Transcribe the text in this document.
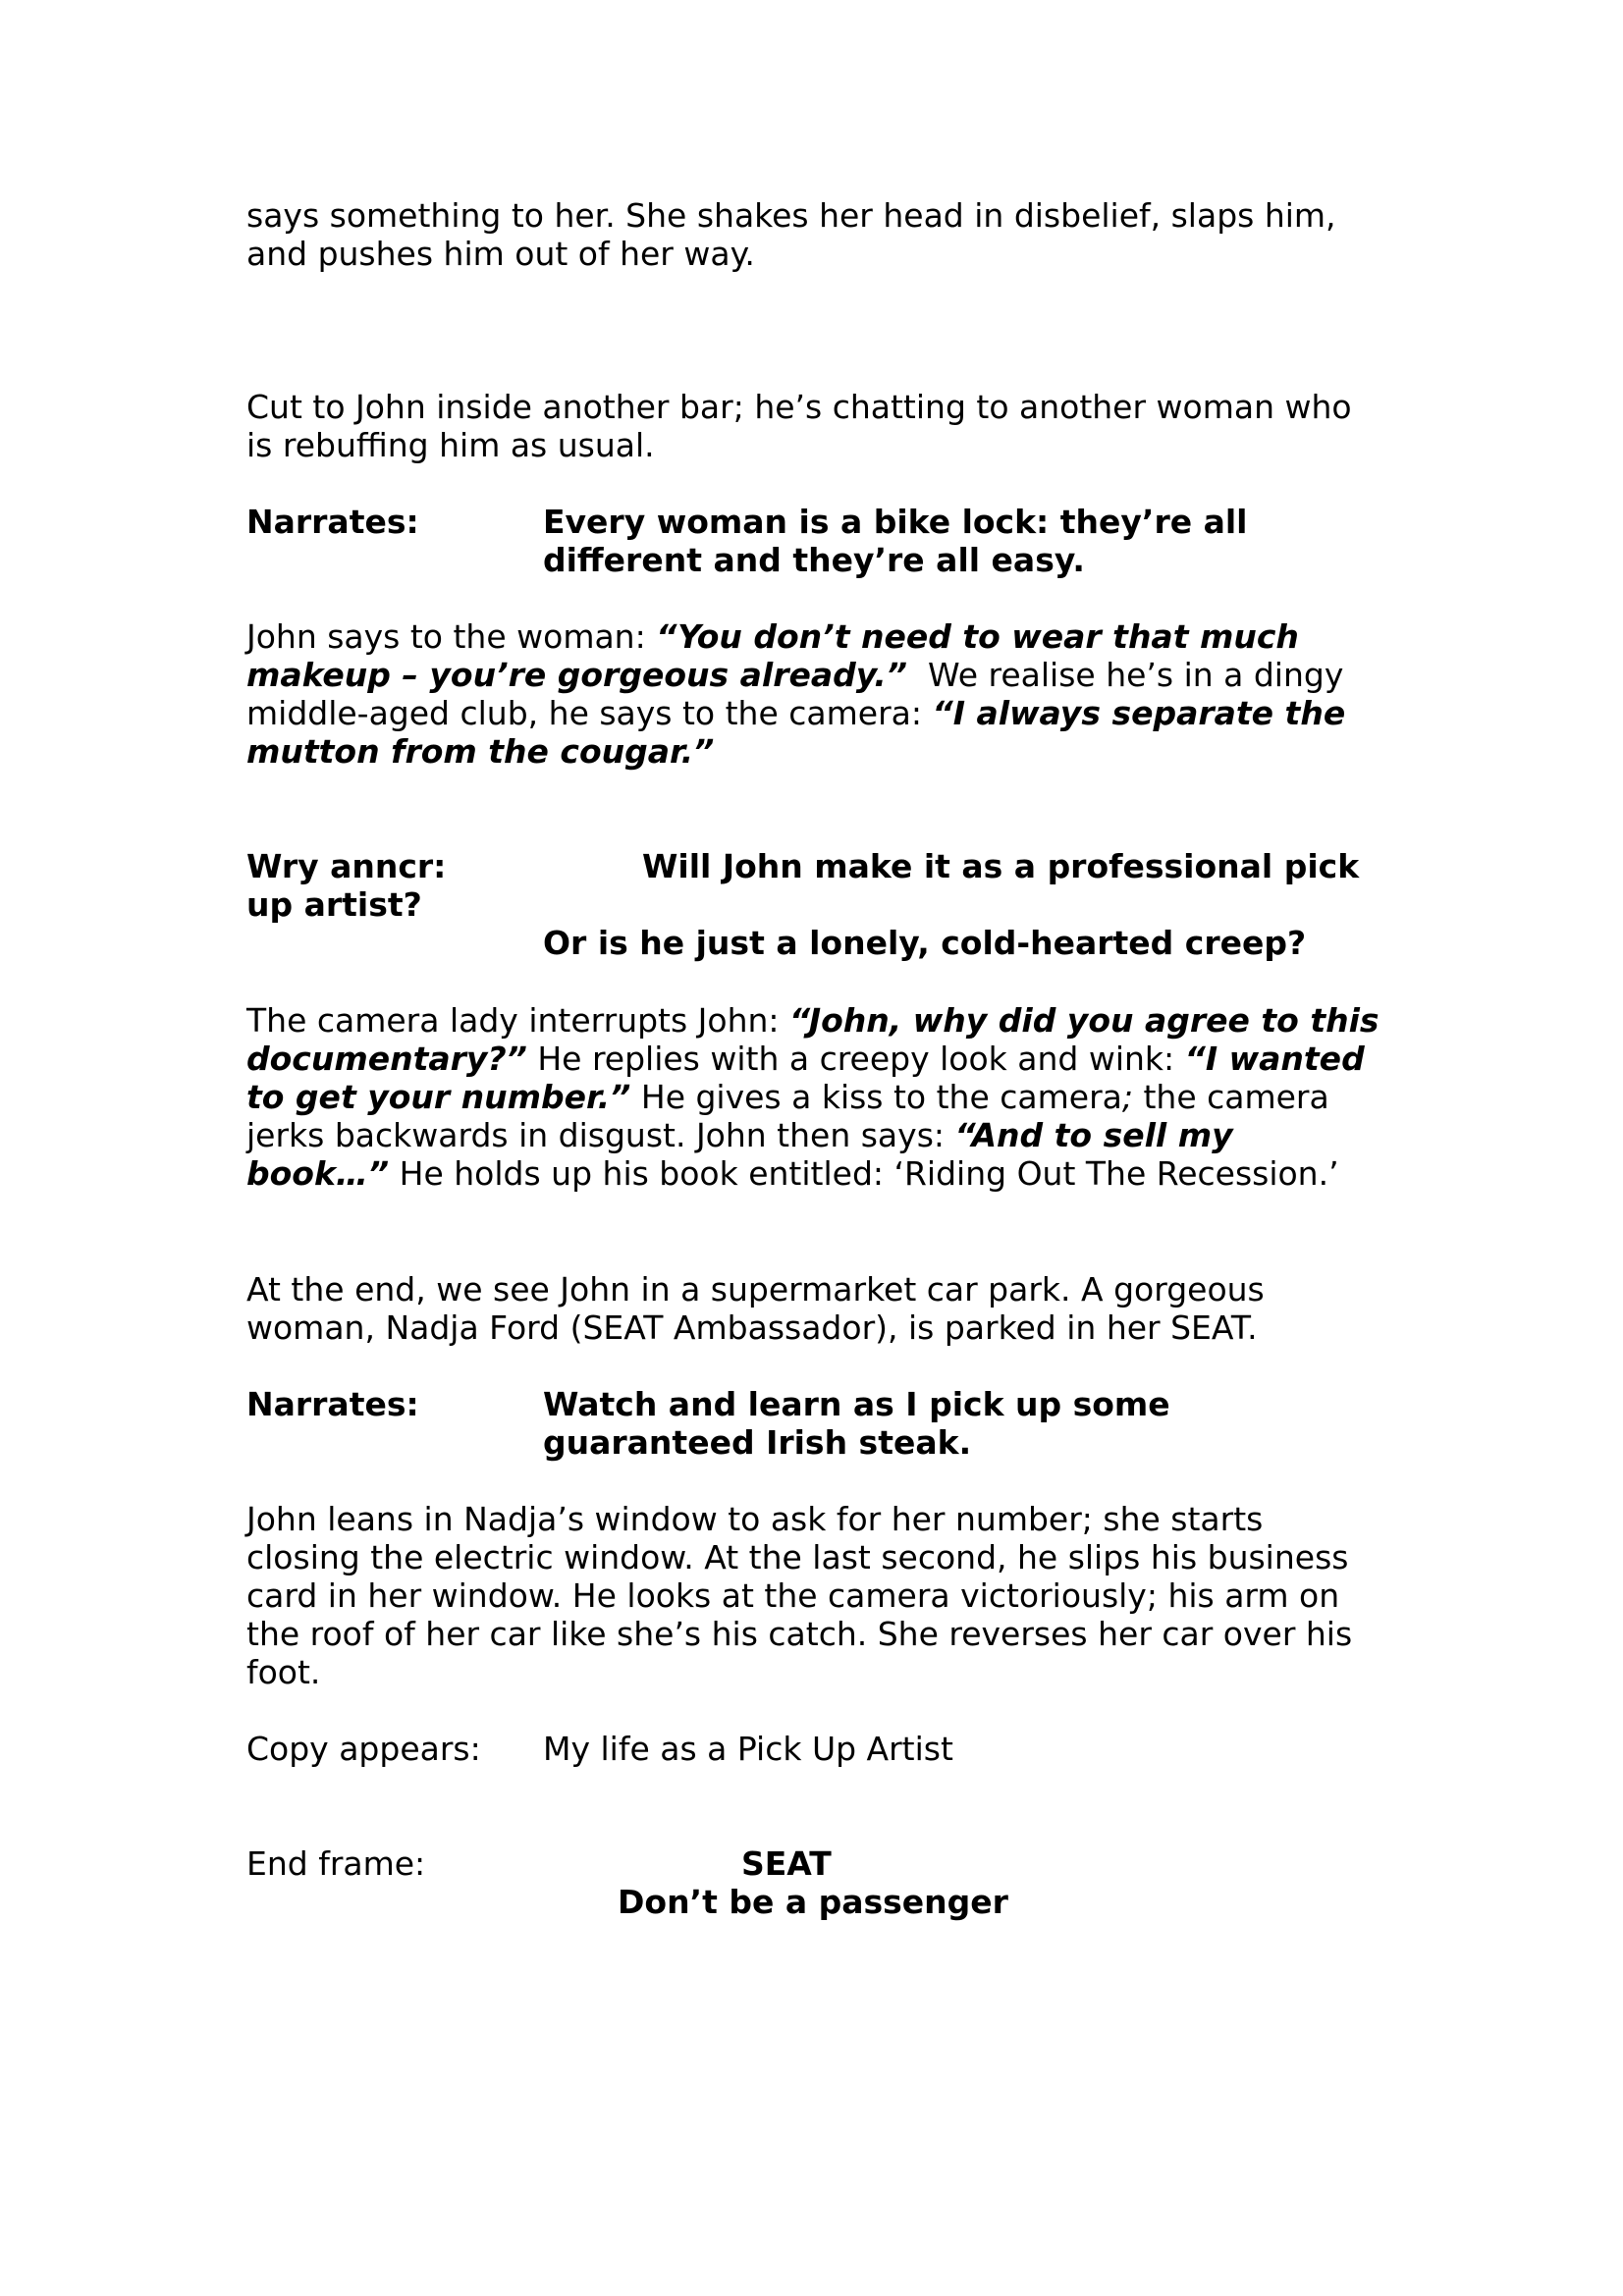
says something to her. She shakes her head in disbelief, slaps him, and pushes him out of her way.

Cut to John inside another bar; he’s chatting to another woman who is rebuffing him as usual.

Narrates:	Every woman is a bike lock: they’re all different and they’re all easy.

John says to the woman: “You don’t need to wear that much makeup – you’re gorgeous already.”  We realise he’s in a dingy middle-aged club, he says to the camera: “I always separate the mutton from the cougar.”

Wry anncr:	Will John make it as a professional pick
up artist?
Or is he just a lonely, cold-hearted creep?

The camera lady interrupts John: “John, why did you agree to this documentary?” He replies with a creepy look and wink: “I wanted to get your number.” He gives a kiss to the camera; the camera jerks backwards in disgust. John then says: “And to sell my book…” He holds up his book entitled: ‘Riding Out The Recession.’

At the end, we see John in a supermarket car park. A gorgeous woman, Nadja Ford (SEAT Ambassador), is parked in her SEAT.

Narrates:	Watch and learn as I pick up some guaranteed Irish steak.

John leans in Nadja’s window to ask for her number; she starts closing the electric window. At the last second, he slips his business card in her window. He looks at the camera victoriously; his arm on the roof of her car like she’s his catch. She reverses her car over his foot.

Copy appears: My life as a Pick Up Artist
End frame:	SEAT
Don’t be a passenger
